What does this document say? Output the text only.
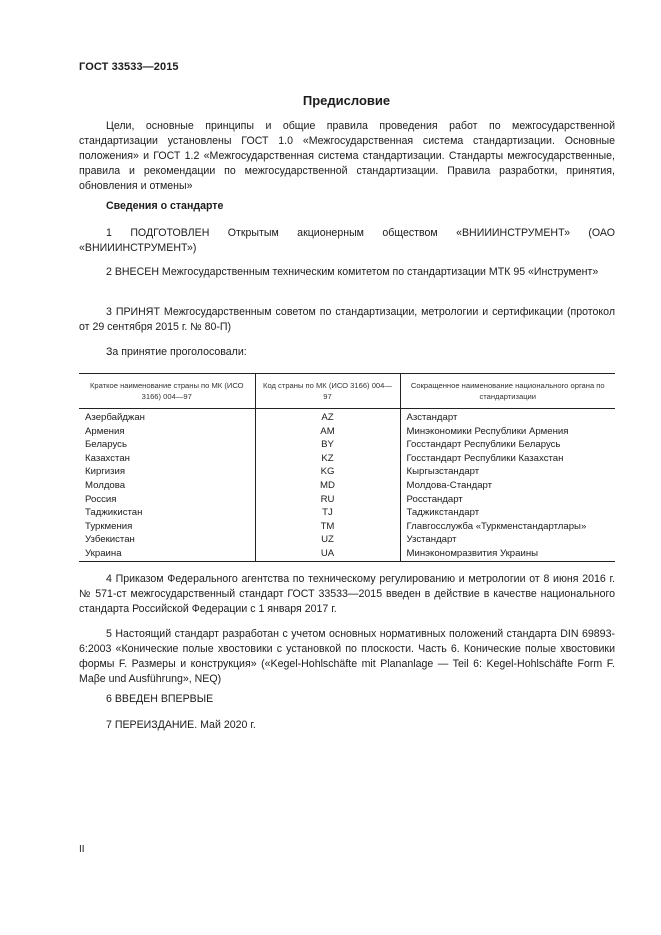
ГОСТ 33533—2015
Предисловие
Цели, основные принципы и общие правила проведения работ по межгосударственной стандартизации установлены ГОСТ 1.0 «Межгосударственная система стандартизации. Основные положения» и ГОСТ 1.2 «Межгосударственная система стандартизации. Стандарты межгосударственные, правила и рекомендации по межгосударственной стандартизации. Правила разработки, принятия, обновления и отмены»
Сведения о стандарте
1 ПОДГОТОВЛЕН Открытым акционерным обществом «ВНИИИНСТРУМЕНТ» (ОАО «ВНИИИНСТРУМЕНТ»)
2 ВНЕСЕН Межгосударственным техническим комитетом по стандартизации МТК 95 «Инструмент»
3 ПРИНЯТ Межгосударственным советом по стандартизации, метрологии и сертификации (протокол от 29 сентября 2015 г. № 80-П)
За принятие проголосовали:
Краткое наименование страны по МК (ИСО 3166) 004—97	Код страны по МК (ИСО 3166) 004—97	Сокращенное наименование национального органа по стандартизации
Азербайджан	AZ	Азстандарт
Армения	AM	Минэкономики Республики Армения
Беларусь	BY	Госстандарт Республики Беларусь
Казахстан	KZ	Госстандарт Республики Казахстан
Киргизия	KG	Кыргызстандарт
Молдова	MD	Молдова-Стандарт
Россия	RU	Росстандарт
Таджикистан	TJ	Таджикстандарт
Туркмения	TM	Главгосслужба «Туркменстандартлары»
Узбекистан	UZ	Узстандарт
Украина	UA	Минэкономразвития Украины
4 Приказом Федерального агентства по техническому регулированию и метрологии от 8 июня 2016 г. № 571-ст межгосударственный стандарт ГОСТ 33533—2015 введен в действие в качестве национального стандарта Российской Федерации с 1 января 2017 г.
5 Настоящий стандарт разработан с учетом основных нормативных положений стандарта DIN 69893-6:2003 «Конические полые хвостовики с установкой по плоскости. Часть 6. Конические полые хвостовики формы F. Размеры и конструкция» («Kegel-Hohlschäfte mit Plananlage — Teil 6: Kegel-Hohlschäfte Form F. Maβe und Ausführung», NEQ)
6 ВВЕДЕН ВПЕРВЫЕ
7 ПЕРЕИЗДАНИЕ. Май 2020 г.
II
